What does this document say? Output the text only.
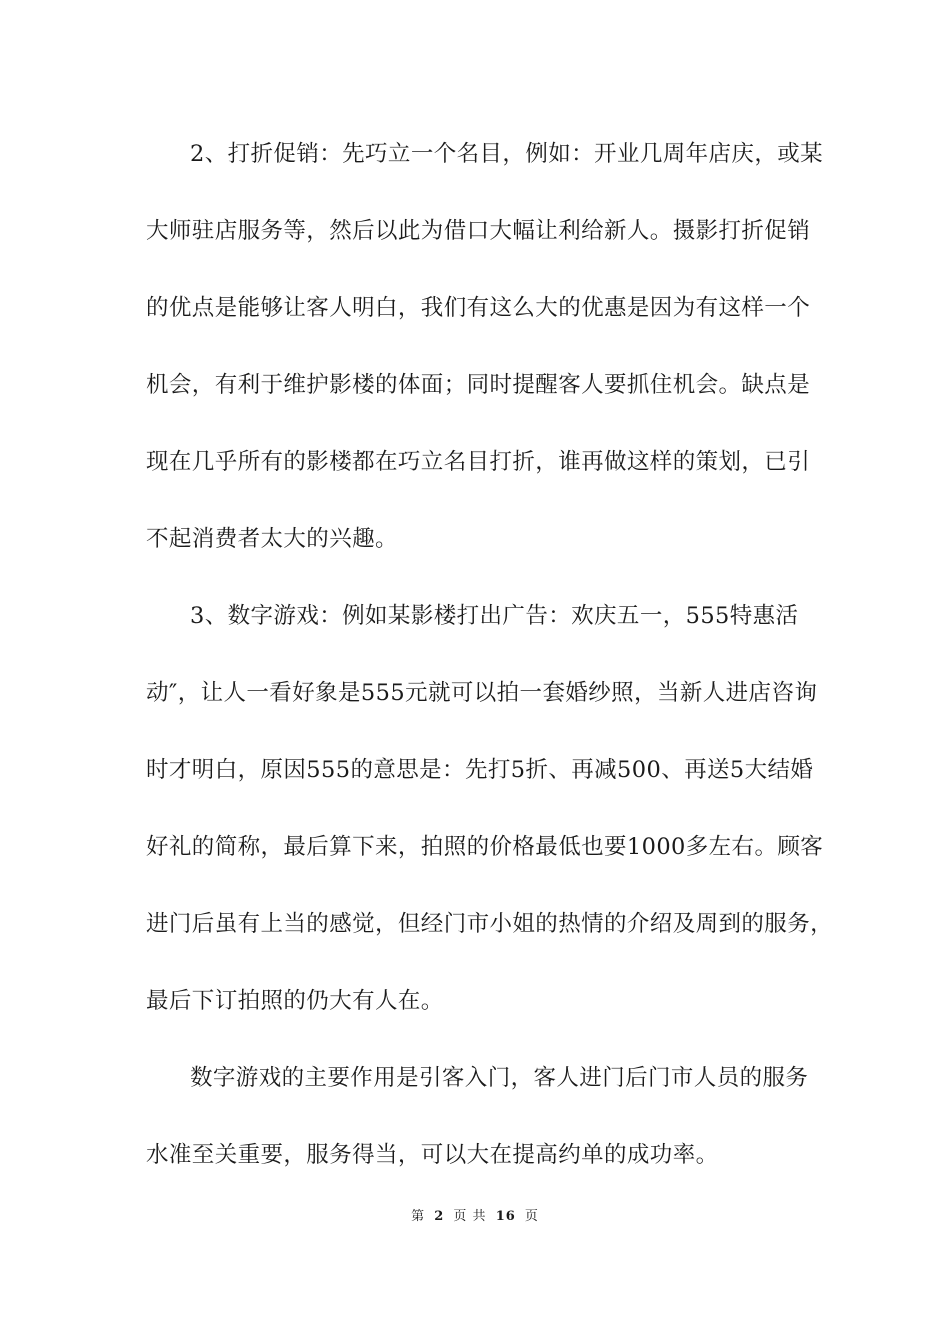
2、打折促销：先巧立一个名目，例如：开业几周年店庆，或某

大师驻店服务等，然后以此为借口大幅让利给新人。摄影打折促销

的优点是能够让客人明白，我们有这么大的优惠是因为有这样一个

机会，有利于维护影楼的体面；同时提醒客人要抓住机会。缺点是

现在几乎所有的影楼都在巧立名目打折，谁再做这样的策划，已引

不起消费者太大的兴趣。

3、数字游戏：例如某影楼打出广告：欢庆五一，555特惠活

动″，让人一看好象是555元就可以拍一套婚纱照，当新人进店咨询

时才明白，原因555的意思是：先打5折、再减500、再送5大结婚

好礼的简称，最后算下来，拍照的价格最低也要1000多左右。顾客

进门后虽有上当的感觉，但经门市小姐的热情的介绍及周到的服务，

最后下订拍照的仍大有人在。

数字游戏的主要作用是引客入门，客人进门后门市人员的服务

水准至关重要，服务得当，可以大在提高约单的成功率。

第 2 页 共 16 页
